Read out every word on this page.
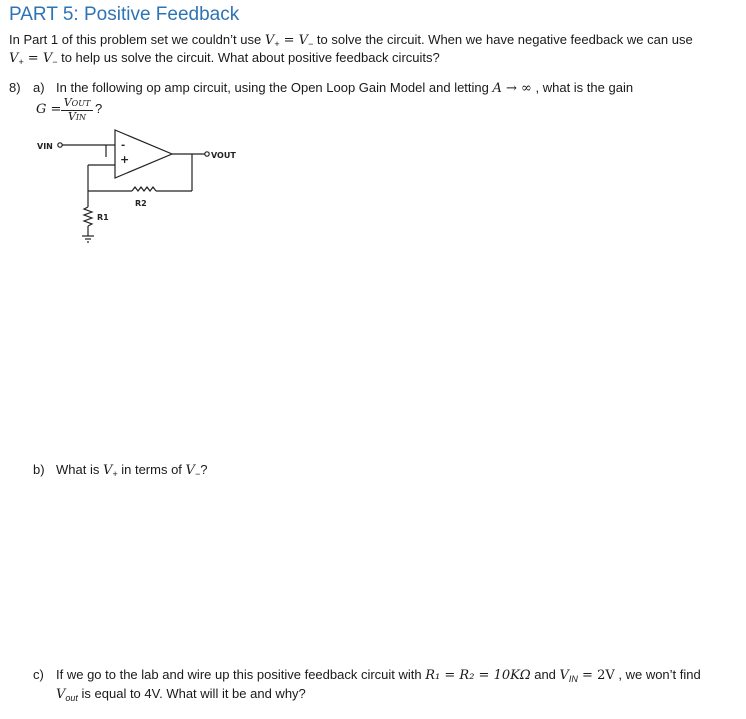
PART 5: Positive Feedback
In Part 1 of this problem set we couldn’t use $V_+ = V_-$ to solve the circuit. When we have negative feedback we can use
$V_+ = V_-$ to help us solve the circuit. What about positive feedback circuits?
8) a) In the following op amp circuit, using the Open Loop Gain Model and letting A → ∞ , what is the gain
G = VOUT
VIN
?
VIN
VOUT
R2
R1
-
+
b) What is $V_+$ in terms of $V_-$?
c) If we go to the lab and wire up this positive feedback circuit with R₁ = R₂ = 10KΩ and $V_{IN} = 2V$ , we won’t find
$V_{out}$ is equal to 4V. What will it be and why?
